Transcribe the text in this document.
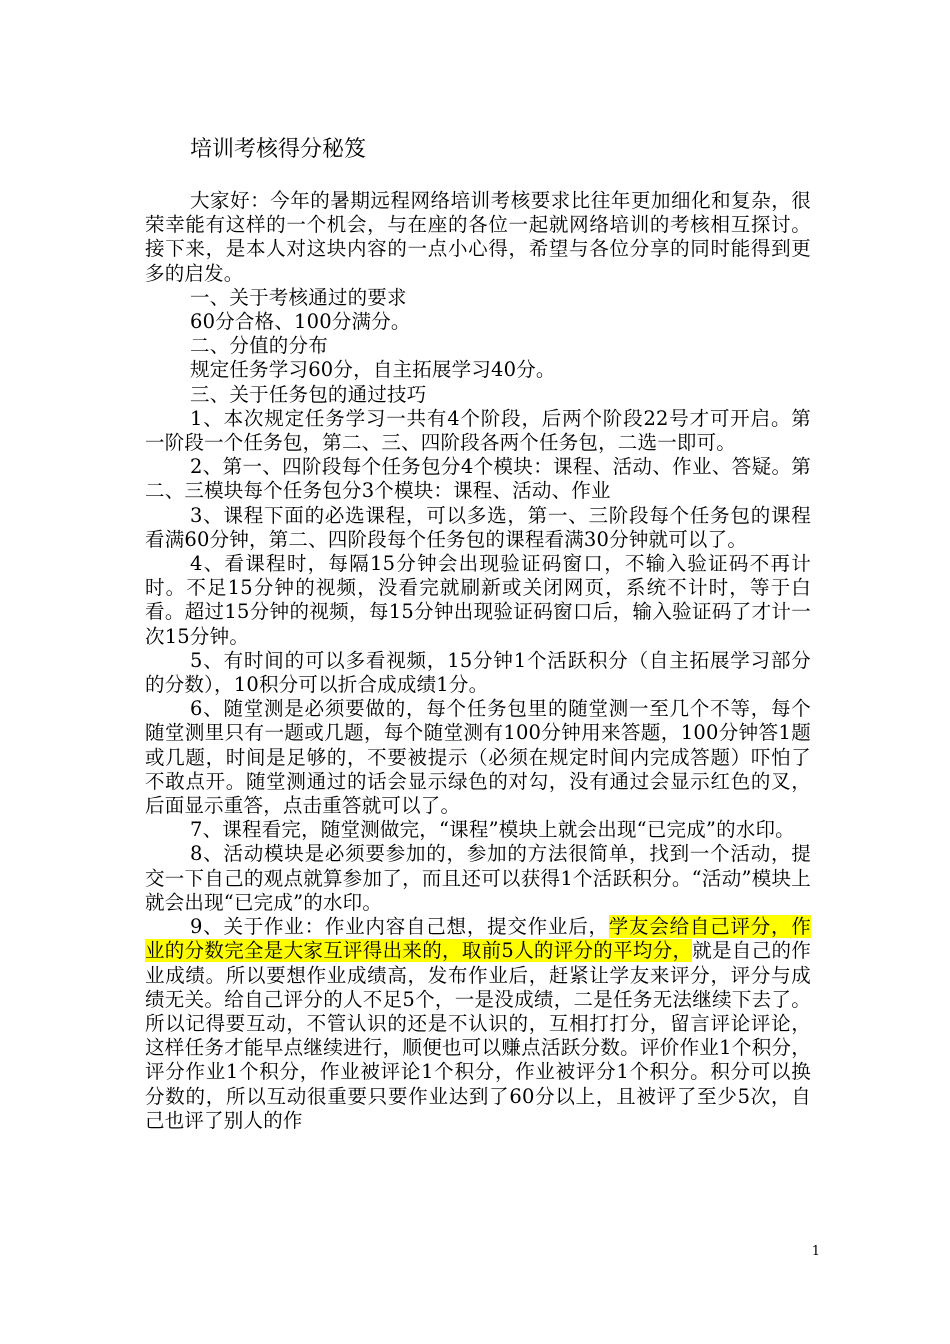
培训考核得分秘笈

大家好：今年的暑期远程网络培训考核要求比往年更加细化和复杂，很荣幸能有这样的一个机会，与在座的各位一起就网络培训的考核相互探讨。接下来，是本人对这块内容的一点小心得，希望与各位分享的同时能得到更多的启发。

一、关于考核通过的要求

60分合格、100分满分。

二、分值的分布

规定任务学习60分，自主拓展学习40分。

三、关于任务包的通过技巧

1、本次规定任务学习一共有4个阶段，后两个阶段22号才可开启。第一阶段一个任务包，第二、三、四阶段各两个任务包，二选一即可。

2、第一、四阶段每个任务包分4个模块：课程、活动、作业、答疑。第二、三模块每个任务包分3个模块：课程、活动、作业

3、课程下面的必选课程，可以多选，第一、三阶段每个任务包的课程看满60分钟，第二、四阶段每个任务包的课程看满30分钟就可以了。

4、看课程时，每隔15分钟会出现验证码窗口，不输入验证码不再计时。不足15分钟的视频，没看完就刷新或关闭网页，系统不计时，等于白看。超过15分钟的视频，每15分钟出现验证码窗口后，输入验证码了才计一次15分钟。

5、有时间的可以多看视频，15分钟1个活跃积分（自主拓展学习部分的分数），10积分可以折合成成绩1分。

6、随堂测是必须要做的，每个任务包里的随堂测一至几个不等，每个随堂测里只有一题或几题，每个随堂测有100分钟用来答题，100分钟答1题或几题，时间是足够的，不要被提示（必须在规定时间内完成答题）吓怕了不敢点开。随堂测通过的话会显示绿色的对勾，没有通过会显示红色的叉，后面显示重答，点击重答就可以了。

7、课程看完，随堂测做完，“课程”模块上就会出现“已完成”的水印。

8、活动模块是必须要参加的，参加的方法很简单，找到一个活动，提交一下自己的观点就算参加了，而且还可以获得1个活跃积分。“活动”模块上就会出现“已完成”的水印。

9、关于作业：作业内容自己想，提交作业后，学友会给自己评分，作业的分数完全是大家互评得出来的，取前5人的评分的平均分，就是自己的作业成绩。所以要想作业成绩高，发布作业后，赶紧让学友来评分，评分与成绩无关。给自己评分的人不足5个，一是没成绩，二是任务无法继续下去了。所以记得要互动，不管认识的还是不认识的，互相打打分，留言评论评论，这样任务才能早点继续进行，顺便也可以赚点活跃分数。评价作业1个积分，评分作业1个积分，作业被评论1个积分，作业被评分1个积分。积分可以换分数的，所以互动很重要只要作业达到了60分以上，且被评了至少5次，自己也评了别人的作

1
